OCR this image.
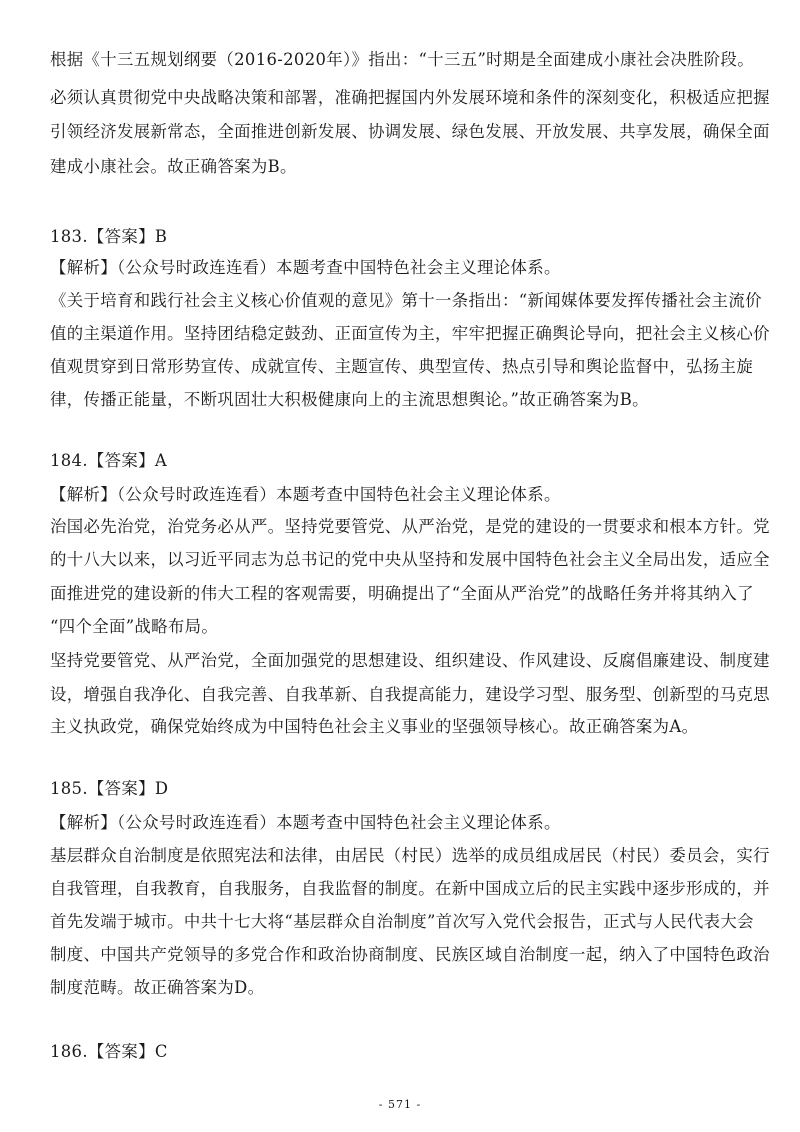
根据《十三五规划纲要（2016-2020年）》指出：“十三五”时期是全面建成小康社会决胜阶段。
必须认真贯彻党中央战略决策和部署，准确把握国内外发展环境和条件的深刻变化，积极适应把握
引领经济发展新常态，全面推进创新发展、协调发展、绿色发展、开放发展、共享发展，确保全面
建成小康社会。故正确答案为B。
183.【答案】B
【解析】（公众号时政连连看）本题考查中国特色社会主义理论体系。
《关于培育和践行社会主义核心价值观的意见》第十一条指出：“新闻媒体要发挥传播社会主流价
值的主渠道作用。坚持团结稳定鼓劲、正面宣传为主，牢牢把握正确舆论导向，把社会主义核心价
值观贯穿到日常形势宣传、成就宣传、主题宣传、典型宣传、热点引导和舆论监督中，弘扬主旋
律，传播正能量，不断巩固壮大积极健康向上的主流思想舆论。”故正确答案为B。
184.【答案】A
【解析】（公众号时政连连看）本题考查中国特色社会主义理论体系。
治国必先治党，治党务必从严。坚持党要管党、从严治党，是党的建设的一贯要求和根本方针。党
的十八大以来，以习近平同志为总书记的党中央从坚持和发展中国特色社会主义全局出发，适应全
面推进党的建设新的伟大工程的客观需要，明确提出了“全面从严治党”的战略任务并将其纳入了
“四个全面”战略布局。
坚持党要管党、从严治党，全面加强党的思想建设、组织建设、作风建设、反腐倡廉建设、制度建
设，增强自我净化、自我完善、自我革新、自我提高能力，建设学习型、服务型、创新型的马克思
主义执政党，确保党始终成为中国特色社会主义事业的坚强领导核心。故正确答案为A。
185.【答案】D
【解析】（公众号时政连连看）本题考查中国特色社会主义理论体系。
基层群众自治制度是依照宪法和法律，由居民（村民）选举的成员组成居民（村民）委员会，实行
自我管理，自我教育，自我服务，自我监督的制度。在新中国成立后的民主实践中逐步形成的，并
首先发端于城市。中共十七大将“基层群众自治制度”首次写入党代会报告，正式与人民代表大会
制度、中国共产党领导的多党合作和政治协商制度、民族区域自治制度一起，纳入了中国特色政治
制度范畴。故正确答案为D。
186.【答案】C
- 571 -
